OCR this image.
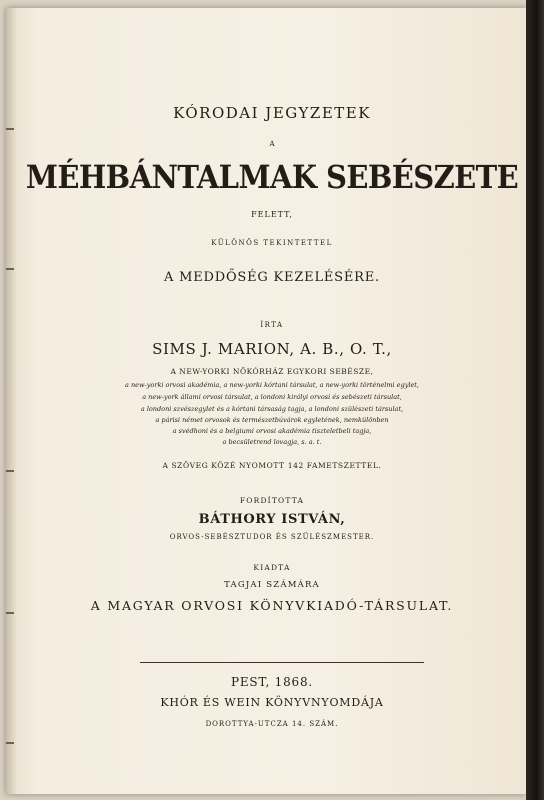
KÓRODAI JEGYZETEK
A
MÉHBÁNTALMAK SEBÉSZETE
FELETT,
KÜLÖNÖS TEKINTETTEL
A MEDDŐSÉG KEZELÉSÉRE.
ÍRTA
SIMS J. MARION, A. B., O. T.,
A NEW-YORKI NŐKÓRHÁZ EGYKORI SEBÉSZE,
a new-yorki orvosi akadémia, a new-yorki kórtani társulat, a new-yorki történelmi egylet,
a new-york állami orvosi társulat, a londoni királyi orvosi és sebészeti társulat,
a londoni szvészegylet és a kórtani társaság tagja, a londoni szülészeti társulat,
a párisi német orvosok és természetbúvárok egyletének, nemkülönben
a svédhoni és a belgiumi orvosi akadémia tiszteletbeli tagja,
a becsületrend lovagja, s. a. t.
A SZÖVEG KÖZÉ NYOMOTT 142 FAMETSZETTEL.
FORDÍTOTTA
BÁTHORY ISTVÁN,
ORVOS-SEBÉSZTUDOR ÉS SZÜLÉSZMESTER.
KIADTA
TAGJAI SZÁMÁRA
A MAGYAR ORVOSI KÖNYVKIADÓ-TÁRSULAT.
PEST, 1868.
KHÓR ÉS WEIN KÖNYVNYOMDÁJA
DOROTTYA-UTCZA 14. SZÁM.
